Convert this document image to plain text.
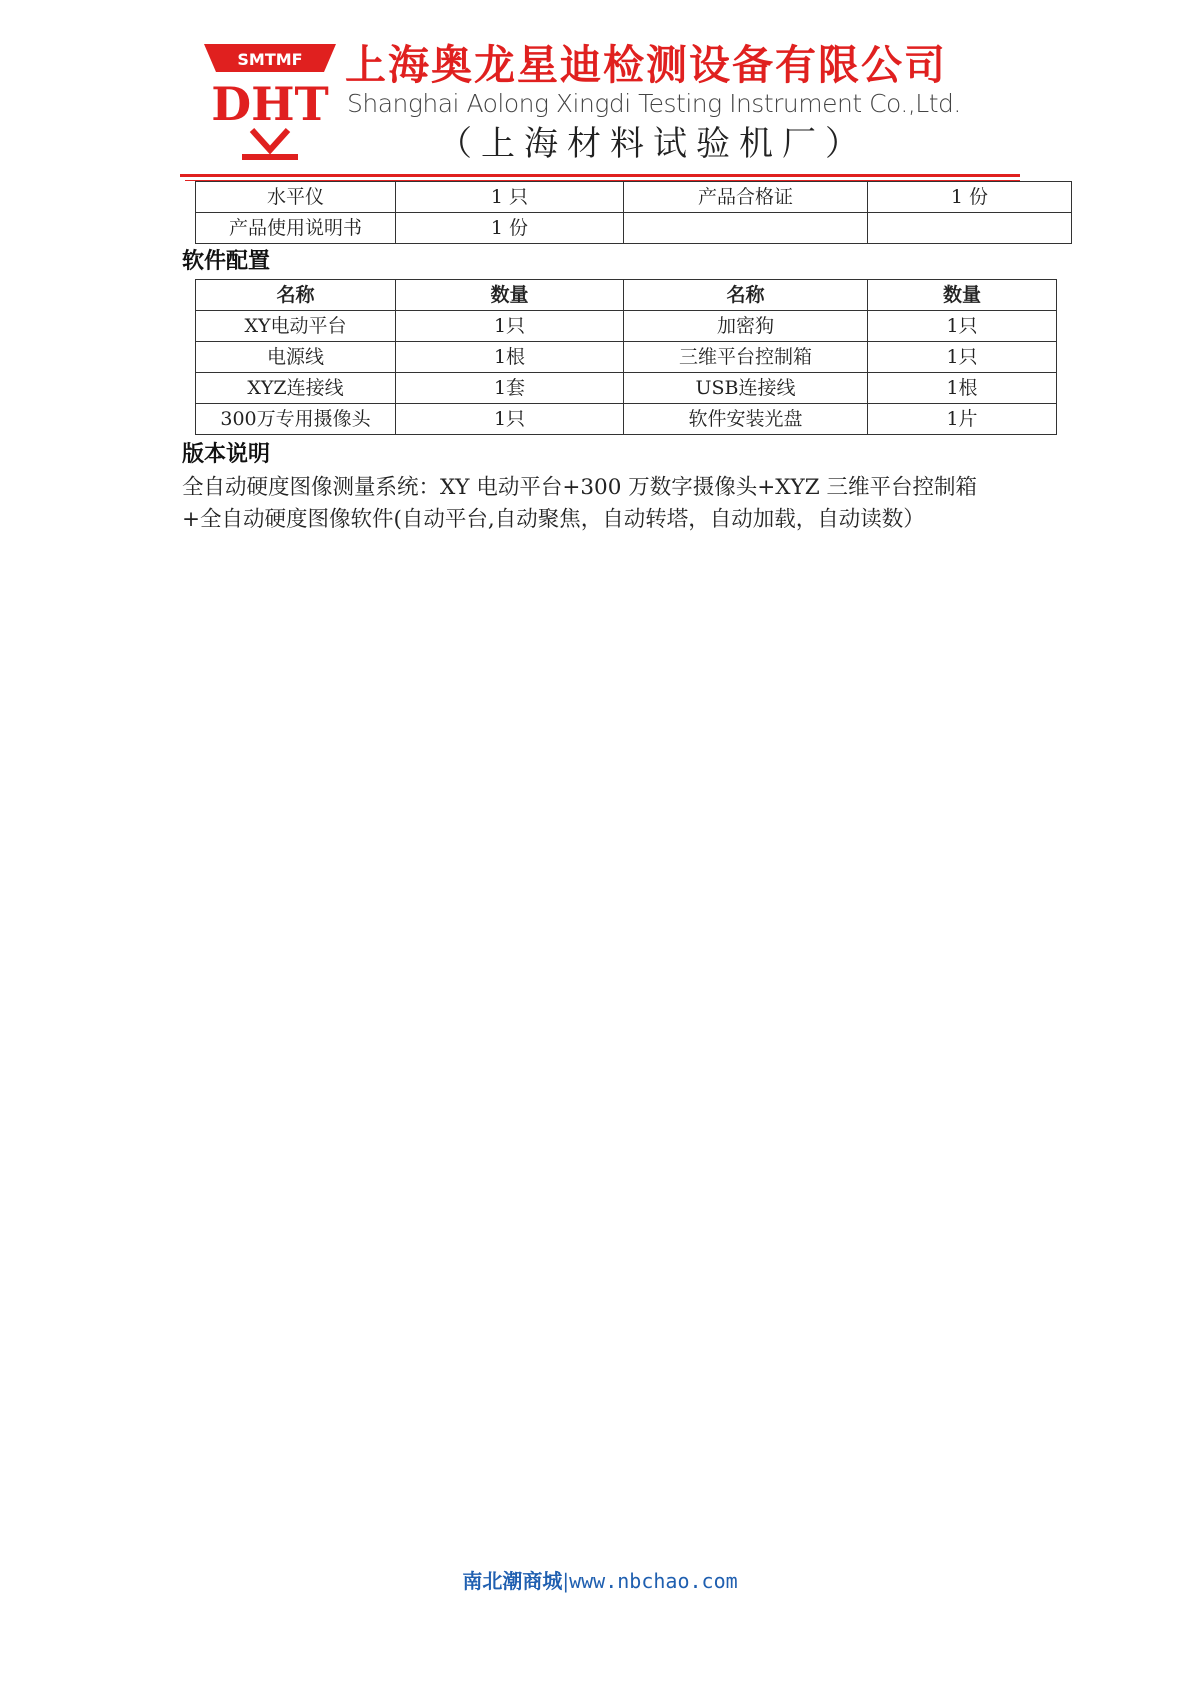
SMTMF
DHT
上海奥龙星迪检测设备有限公司
Shanghai Aolong Xingdi Testing Instrument Co.,Ltd.
（上海材料试验机厂）
水平仪	1 只	产品合格证	1 份
产品使用说明书	1 份		
软件配置
名称	数量	名称	数量
XY电动平台	1只	加密狗	1只
电源线	1根	三维平台控制箱	1只
XYZ连接线	1套	USB连接线	1根
300万专用摄像头	1只	软件安装光盘	1片
版本说明
全自动硬度图像测量系统：XY 电动平台+300 万数字摄像头+XYZ 三维平台控制箱
+全自动硬度图像软件(自动平台,自动聚焦，自动转塔，自动加载，自动读数）
南北潮商城|www.nbchao.com
